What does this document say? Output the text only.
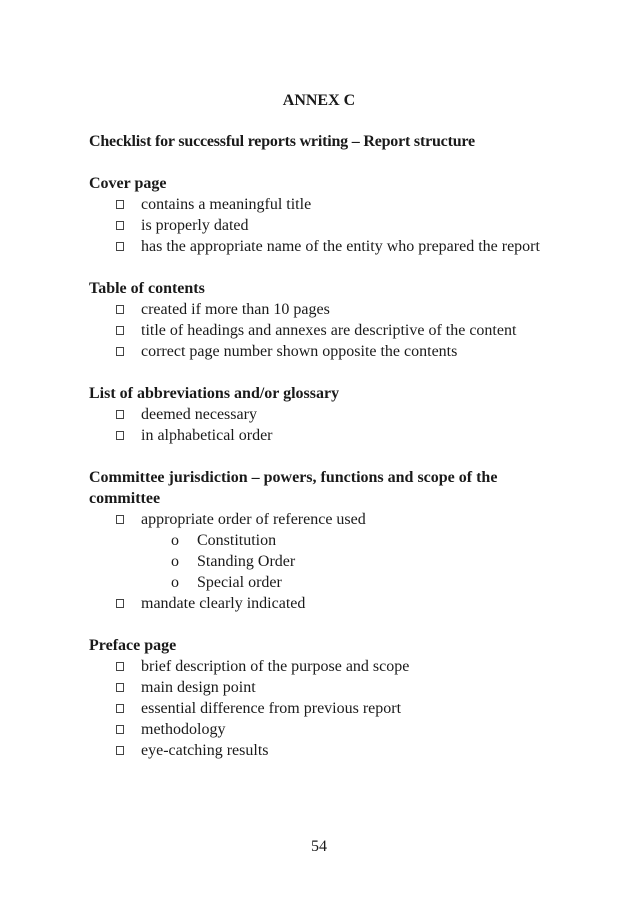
ANNEX C
Checklist for successful reports writing – Report structure
Cover page
contains a meaningful title
is properly dated
has the appropriate name of the entity who prepared the report
Table of contents
created if more than 10 pages
title of headings and annexes are descriptive of the content
correct page number shown opposite the contents
List of abbreviations and/or glossary
deemed necessary
in alphabetical order
Committee jurisdiction – powers, functions and scope of the committee
appropriate order of reference used
o Constitution
o Standing Order
o Special order
mandate clearly indicated
Preface page
brief description of the purpose and scope
main design point
essential difference from previous report
methodology
eye-catching results
54
